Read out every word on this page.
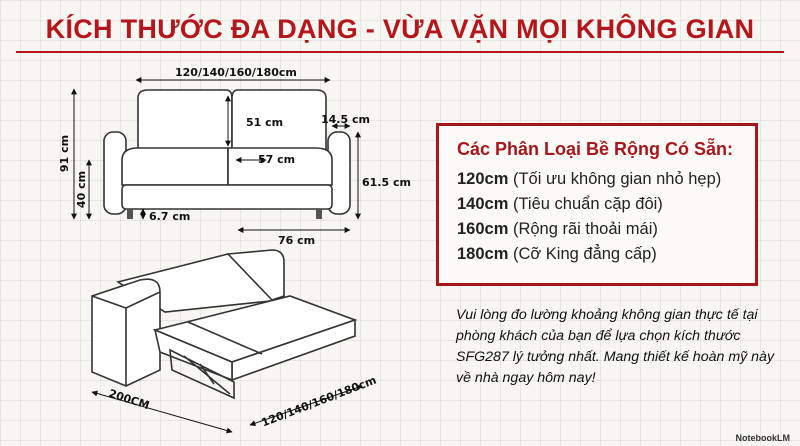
KÍCH THƯỚC ĐA DẠNG - VỪA VẶN MỌI KHÔNG GIAN
120/140/160/180cm
51 cm	14.5 cm
91 cm
40 cm
57 cm
61.5 cm
6.7 cm
76 cm
200CM	120/140/160/180cm
Các Phân Loại Bề Rộng Có Sẵn:
120cm (Tối ưu không gian nhỏ hẹp)
140cm (Tiêu chuẩn cặp đôi)
160cm (Rộng rãi thoải mái)
180cm (Cỡ King đẳng cấp)
Vui lòng đo lường khoảng không gian thực tế tại phòng khách của bạn để lựa chọn kích thước SFG287 lý tưởng nhất. Mang thiết kế hoàn mỹ này về nhà ngay hôm nay!
NotebookLM
